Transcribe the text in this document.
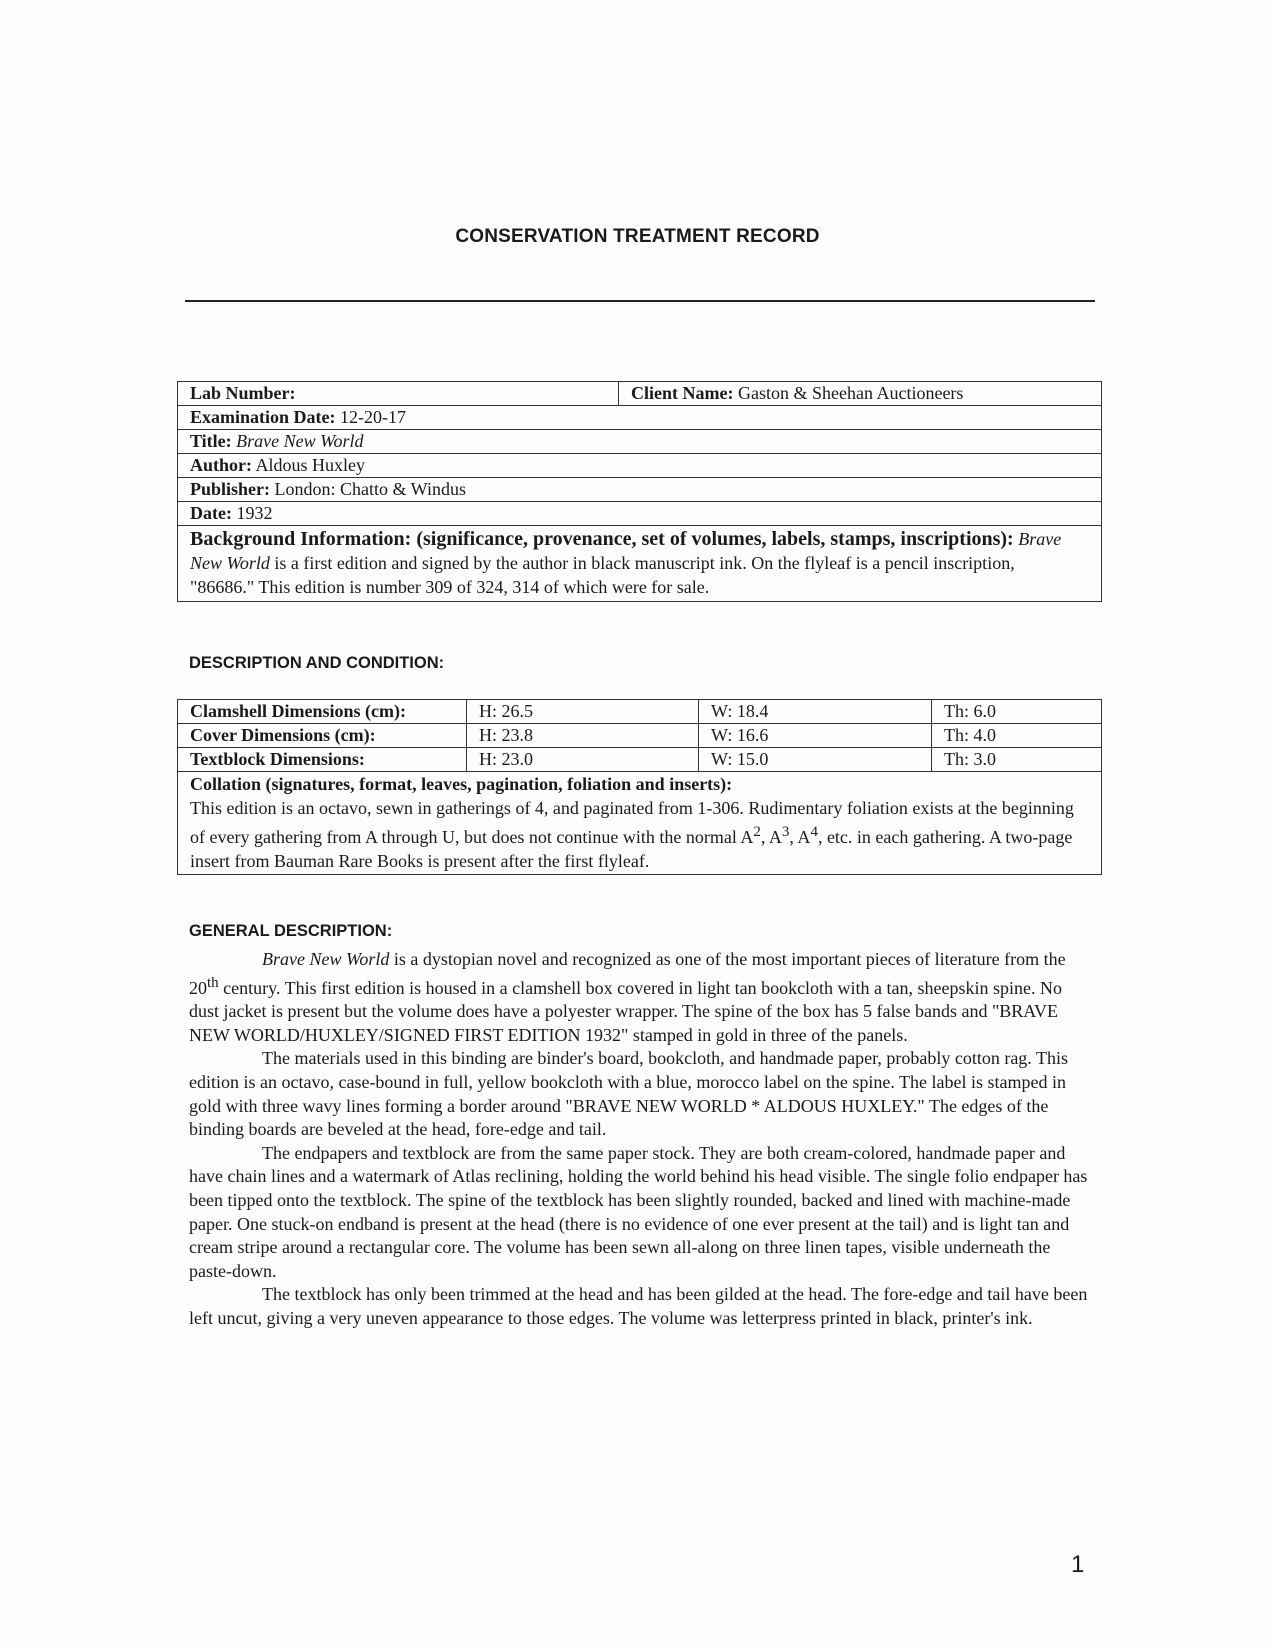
CONSERVATION TREATMENT RECORD
Lab Number:	Client Name: Gaston & Sheehan Auctioneers
Examination Date: 12-20-17
Title: Brave New World
Author: Aldous Huxley
Publisher: London: Chatto & Windus
Date: 1932
Background Information: (significance, provenance, set of volumes, labels, stamps, inscriptions): Brave New World is a first edition and signed by the author in black manuscript ink. On the flyleaf is a pencil inscription, "86686." This edition is number 309 of 324, 314 of which were for sale.
DESCRIPTION AND CONDITION:
Clamshell Dimensions (cm):	H: 26.5	W: 18.4	Th: 6.0
Cover Dimensions (cm):	H: 23.8	W: 16.6	Th: 4.0
Textblock Dimensions:	H: 23.0	W: 15.0	Th: 3.0

Collation (signatures, format, leaves, pagination, foliation and inserts):
This edition is an octavo, sewn in gatherings of 4, and paginated from 1-306. Rudimentary foliation exists at the beginning of every gathering from A through U, but does not continue with the normal $A^2$, $A^3$, $A^4$, etc. in each gathering. A two-page insert from Bauman Rare Books is present after the first flyleaf.			
GENERAL DESCRIPTION:

Brave New World is a dystopian novel and recognized as one of the most important pieces of literature from the 20th century. This first edition is housed in a clamshell box covered in light tan bookcloth with a tan, sheepskin spine. No dust jacket is present but the volume does have a polyester wrapper. The spine of the box has 5 false bands and "BRAVE NEW WORLD/HUXLEY/SIGNED FIRST EDITION 1932" stamped in gold in three of the panels.

The materials used in this binding are binder's board, bookcloth, and handmade paper, probably cotton rag. This edition is an octavo, case-bound in full, yellow bookcloth with a blue, morocco label on the spine. The label is stamped in gold with three wavy lines forming a border around "BRAVE NEW WORLD * ALDOUS HUXLEY." The edges of the binding boards are beveled at the head, fore-edge and tail.

The endpapers and textblock are from the same paper stock. They are both cream-colored, handmade paper and have chain lines and a watermark of Atlas reclining, holding the world behind his head visible. The single folio endpaper has been tipped onto the textblock. The spine of the textblock has been slightly rounded, backed and lined with machine-made paper. One stuck-on endband is present at the head (there is no evidence of one ever present at the tail) and is light tan and cream stripe around a rectangular core. The volume has been sewn all-along on three linen tapes, visible underneath the paste-down.

The textblock has only been trimmed at the head and has been gilded at the head. The fore-edge and tail have been left uncut, giving a very uneven appearance to those edges. The volume was letterpress printed in black, printer's ink.

1
